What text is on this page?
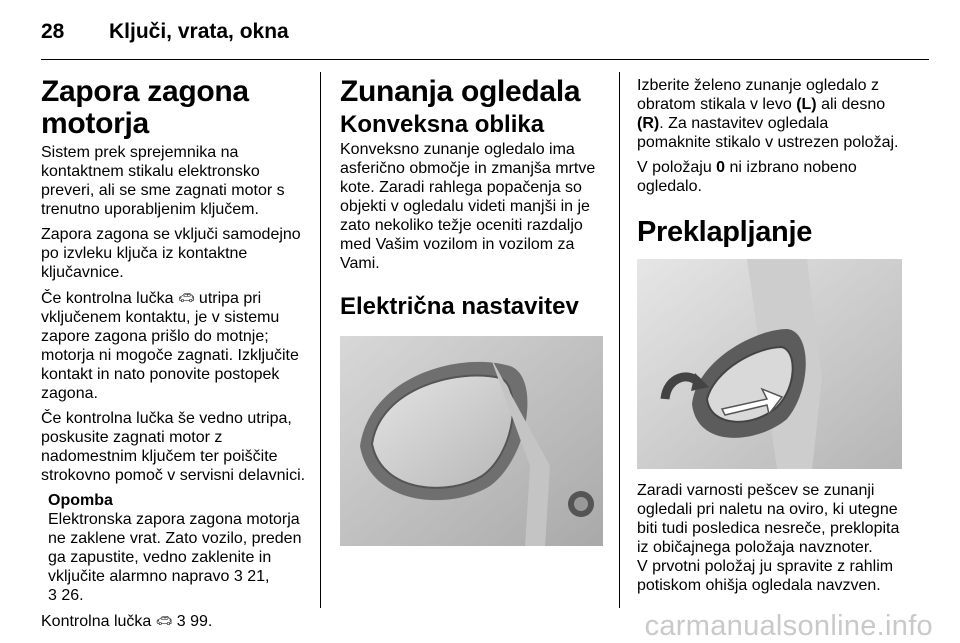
28 Ključi, vrata, okna
Zapora zagona motorja

Sistem prek sprejemnika na kontaktnem stikalu elektronsko preveri, ali se sme zagnati motor s trenutno uporabljenim ključem.

Zapora zagona se vključi samodejno po izvleku ključa iz kontaktne ključavnice.

Če kontrolna lučka 🚗︎ utripa pri vključenem kontaktu, je v sistemu zapore zagona prišlo do motnje; motorja ni mogoče zagnati. Izključite kontakt in nato ponovite postopek zagona.

Če kontrolna lučka še vedno utripa, poskusite zagnati motor z nadomestnim ključem ter poiščite strokovno pomoč v servisni delavnici.

Opomba

Elektronska zapora zagona motorja ne zaklene vrat. Zato vozilo, preden ga zapustite, vedno zaklenite in vključite alarmno napravo 3 21,
3 26.

Kontrolna lučka 🚗︎ 3 99.

Zunanja ogledala
Konveksna oblika

Konveksno zunanje ogledalo ima asferično območje in zmanjša mrtve kote. Zaradi rahlega popačenja so objekti v ogledalu videti manjši in je zato nekoliko težje oceniti razdaljo med Vašim vozilom in vozilom za Vami.

Električna nastavitev

Izberite želeno zunanje ogledalo z obratom stikala v levo (L) ali desno (R). Za nastavitev ogledala pomaknite stikalo v ustrezen položaj.

V položaju 0 ni izbrano nobeno ogledalo.

Preklapljanje

Zaradi varnosti pešcev se zunanji ogledali pri naletu na oviro, ki utegne biti tudi posledica nesreče, preklopita iz običajnega položaja navznoter.
V prvotni položaj ju spravite z rahlim potiskom ohišja ogledala navzven.

carmanualsonline.info
